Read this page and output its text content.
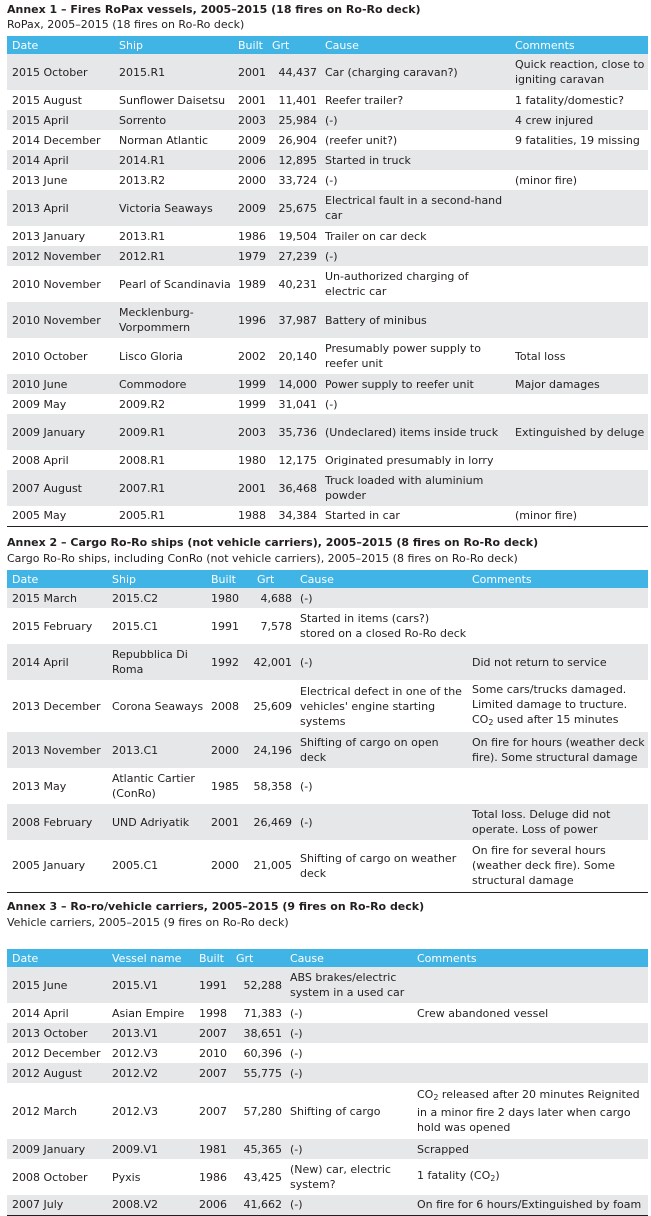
Annex 1 – Fires RoPax vessels, 2005–2015 (18 fires on Ro-Ro deck)
RoPax, 2005–2015 (18 fires on Ro-Ro deck)
Date	Ship	Built	Grt	Cause	Comments
2015 October	2015.R1	2001	44,437	Car (charging caravan?)	Quick reaction, close to igniting caravan
2015 August	Sunflower Daisetsu	2001	11,401	Reefer trailer?	1 fatality/domestic?
2015 April	Sorrento	2003	25,984	(-)	4 crew injured
2014 December	Norman Atlantic	2009	26,904	(reefer unit?)	9 fatalities, 19 missing
2014 April	2014.R1	2006	12,895	Started in truck	
2013 June	2013.R2	2000	33,724	(-)	(minor fire)
2013 April	Victoria Seaways	2009	25,675	Electrical fault in a second-hand car	
2013 January	2013.R1	1986	19,504	Trailer on car deck	
2012 November	2012.R1	1979	27,239	(-)	
2010 November	Pearl of Scandinavia	1989	40,231	Un-authorized charging of electric car	
2010 November	Mecklenburg-Vorpommern	1996	37,987	Battery of minibus	
2010 October	Lisco Gloria	2002	20,140	Presumably power supply to reefer unit	Total loss
2010 June	Commodore	1999	14,000	Power supply to reefer unit	Major damages
2009 May	2009.R2	1999	31,041	(-)	
2009 January	2009.R1	2003	35,736	(Undeclared) items inside truck	Extinguished by deluge
2008 April	2008.R1	1980	12,175	Originated presumably in lorry	
2007 August	2007.R1	2001	36,468	Truck loaded with aluminium powder	
2005 May	2005.R1	1988	34,384	Started in car	(minor fire)
Annex 2 – Cargo Ro-Ro ships (not vehicle carriers), 2005–2015 (8 fires on Ro-Ro deck)
Cargo Ro-Ro ships, including ConRo (not vehicle carriers), 2005–2015 (8 fires on Ro-Ro deck)
Date	Ship	Built	Grt	Cause	Comments
2015 March	2015.C2	1980	4,688	(-)	
2015 February	2015.C1	1991	7,578	Started in items (cars?) stored on a closed Ro-Ro deck	
2014 April	Repubblica Di Roma	1992	42,001	(-)	Did not return to service
2013 December	Corona Seaways	2008	25,609	Electrical defect in one of the vehicles' engine starting systems	Some cars/trucks damaged. Limited damage to tructure. CO2 used after 15 minutes
2013 November	2013.C1	2000	24,196	Shifting of cargo on open deck	On fire for hours (weather deck fire). Some structural damage
2013 May	Atlantic Cartier (ConRo)	1985	58,358	(-)	
2008 February	UND Adriyatik	2001	26,469	(-)	Total loss. Deluge did not operate. Loss of power
2005 January	2005.C1	2000	21,005	Shifting of cargo on weather deck	On fire for several hours (weather deck fire). Some structural damage
Annex 3 – Ro-ro/vehicle carriers, 2005–2015 (9 fires on Ro-Ro deck)
Vehicle carriers, 2005–2015 (9 fires on Ro-Ro deck)
Date	Vessel name	Built	Grt	Cause	Comments
2015 June	2015.V1	1991	52,288	ABS brakes/electric system in a used car	
2014 April	Asian Empire	1998	71,383	(-)	Crew abandoned vessel
2013 October	2013.V1	2007	38,651	(-)	
2012 December	2012.V3	2010	60,396	(-)	
2012 August	2012.V2	2007	55,775	(-)	
2012 March	2012.V3	2007	57,280	Shifting of cargo	CO2 released after 20 minutes Reignited in a minor fire 2 days later when cargo hold was opened
2009 January	2009.V1	1981	45,365	(-)	Scrapped
2008 October	Pyxis	1986	43,425	(New) car, electric system?	1 fatality (CO2)
2007 July	2008.V2	2006	41,662	(-)	On fire for 6 hours/Extinguished by foam
